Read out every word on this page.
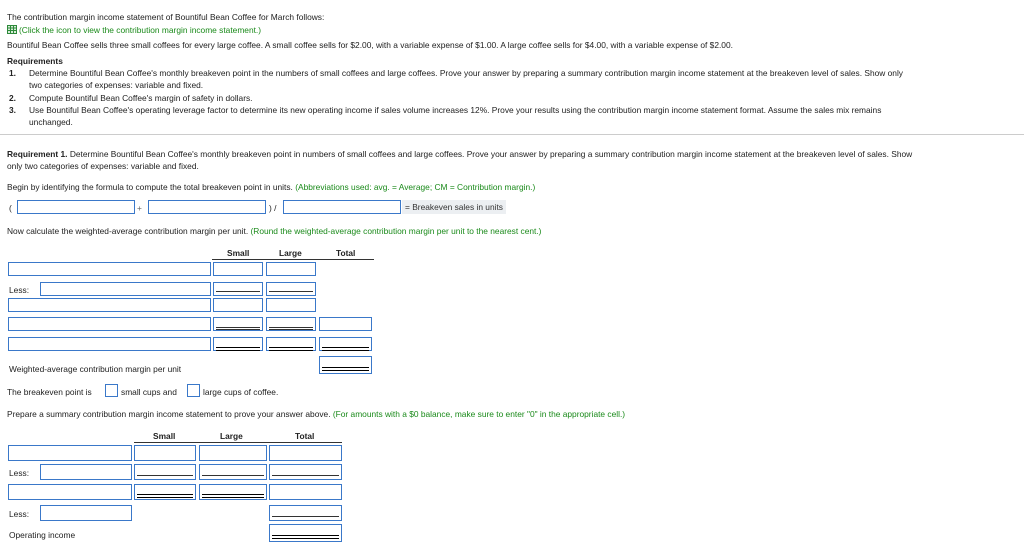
The contribution margin income statement of Bountiful Bean Coffee for March follows:
(Click the icon to view the contribution margin income statement.)
Bountiful Bean Coffee sells three small coffees for every large coffee. A small coffee sells for $2.00, with a variable expense of $1.00. A large coffee sells for $4.00, with a variable expense of $2.00.
Requirements
1. Determine Bountiful Bean Coffee's monthly breakeven point in the numbers of small coffees and large coffees. Prove your answer by preparing a summary contribution margin income statement at the breakeven level of sales. Show only
two categories of expenses: variable and fixed.
2. Compute Bountiful Bean Coffee's margin of safety in dollars.
3. Use Bountiful Bean Coffee's operating leverage factor to determine its new operating income if sales volume increases 12%. Prove your results using the contribution margin income statement format. Assume the sales mix remains
unchanged.
Requirement 1. Determine Bountiful Bean Coffee's monthly breakeven point in numbers of small coffees and large coffees. Prove your answer by preparing a summary contribution margin income statement at the breakeven level of sales. Show
only two categories of expenses: variable and fixed.
Begin by identifying the formula to compute the total breakeven point in units. (Abbreviations used: avg. = Average; CM = Contribution margin.)
(	+	) /	= Breakeven sales in units
Now calculate the weighted-average contribution margin per unit. (Round the weighted-average contribution margin per unit to the nearest cent.)
Small	Large	Total
Less:
Weighted-average contribution margin per unit
The breakeven point is	small cups and	large cups of coffee.
Prepare a summary contribution margin income statement to prove your answer above. (For amounts with a $0 balance, make sure to enter "0" in the appropriate cell.)
Small	Large	Total
Less:
Less:
Operating income
